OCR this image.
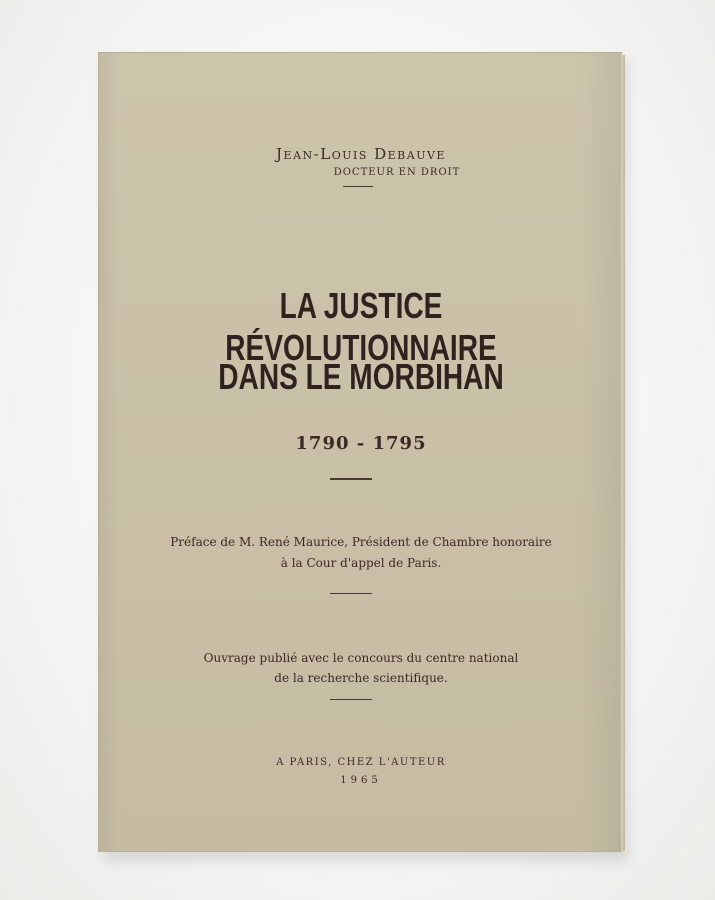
Jean-Louis Debauve
DOCTEUR EN DROIT
LA JUSTICE RÉVOLUTIONNAIRE
DANS LE MORBIHAN
1790 - 1795
Préface de M. René Maurice, Président de Chambre honoraire
à la Cour d'appel de Paris.
Ouvrage publié avec le concours du centre national
de la recherche scientifique.
A PARIS, CHEZ L'AUTEUR
1965
